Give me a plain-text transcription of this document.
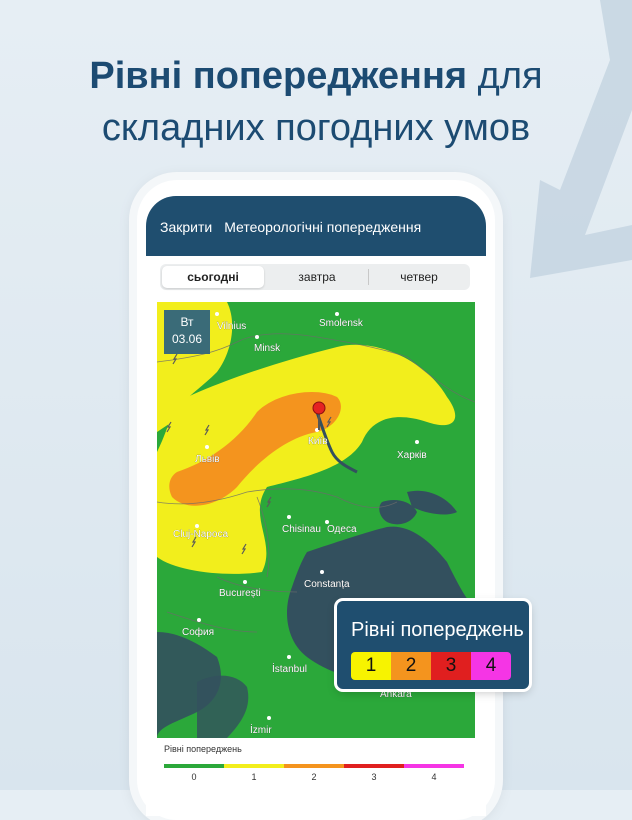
Рівні попередження для
складних погодних умов
Закрити Метеорологічні попередження
сьогодні	завтра	четвер
Vilnius	Smolensk
Minsk
Київ
Харків
Львів
Cluj-Napoca	Chisinau Одеса
Constanța
București
София
İstanbul
Ankara
İzmir
Вт
03.06
Рівні попереджень
0	1	2	3	4
Рівні попереджень
1	2	3	4
